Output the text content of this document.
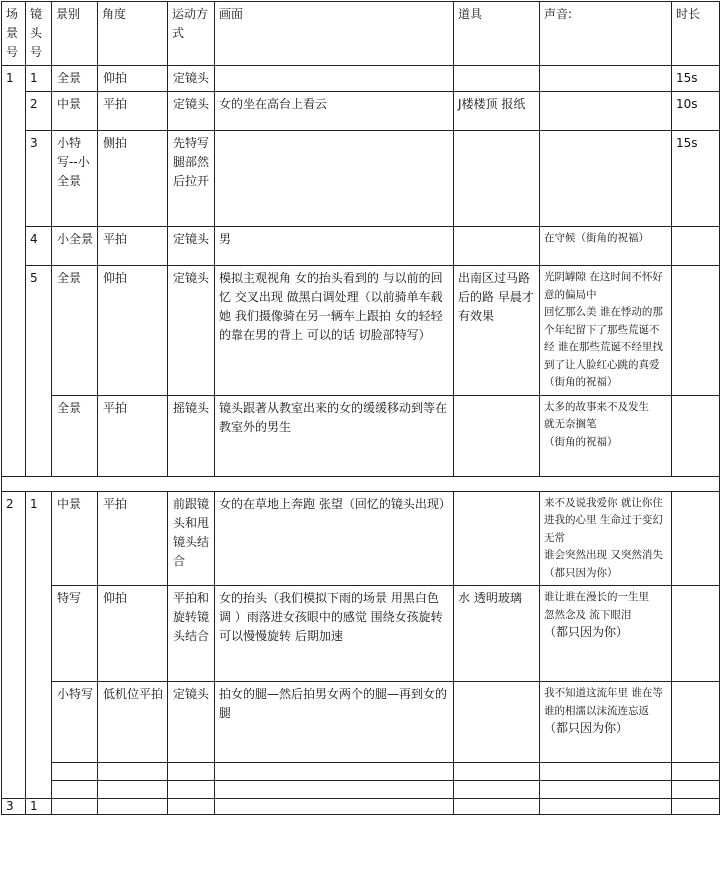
场景号	镜头号	景别	角度	运动方式	画面	道具	声音:	时长
1	1	全景	仰拍	定镜头				15s
	2	中景	平拍	定镜头	女的坐在高台上看云	J楼楼顶 报纸		10s
	3	小特写--小全景	侧拍	先特写腿部然后拉开				15s
	4	小全景	平拍	定镜头	男		在守候（街角的祝福）	
	5	全景	仰拍	定镜头	模拟主观视角 女的抬头看到的 与以前的回忆 交叉出现 做黑白调处理（以前骑单车载她 我们摄像骑在另一辆车上跟拍 女的轻轻的靠在男的背上 可以的话 切脸部特写）	出南区过马路后的路 早晨才有效果	光阴罅隙 在这时间不怀好意的偏局中
回忆那么美 谁在悸动的那个年纪留下了那些荒诞不经 谁在那些荒诞不经里找到了让人脸红心跳的真爱（街角的祝福）	
		全景	平拍	摇镜头	镜头跟著从教室出来的女的缓缓移动到等在教室外的男生		太多的故事来不及发生
就无奈搁笔
（街角的祝福）	

2	1	中景	平拍	前跟镜头和甩镜头结合	女的在草地上奔跑 张望（回忆的镜头出现）		来不及说我爱你 就让你住进我的心里 生命过于变幻无常
谁会突然出现 又突然消失（都只因为你）	
		特写	仰拍	平拍和旋转镜头结合	女的抬头（我们模拟下雨的场景 用黑白色调 ）雨落进女孩眼中的感觉 围绕女孩旋转 可以慢慢旋转 后期加速	水 透明玻璃	谁让谁在漫长的一生里
忽然念及 流下眼泪
（都只因为你）	
		小特写	低机位平拍	定镜头	拍女的腿—然后拍男女两个的腿—再到女的腿		我不知道这流年里 谁在等谁的相濡以沫流连忘返（都只因为你）	

3	1							
